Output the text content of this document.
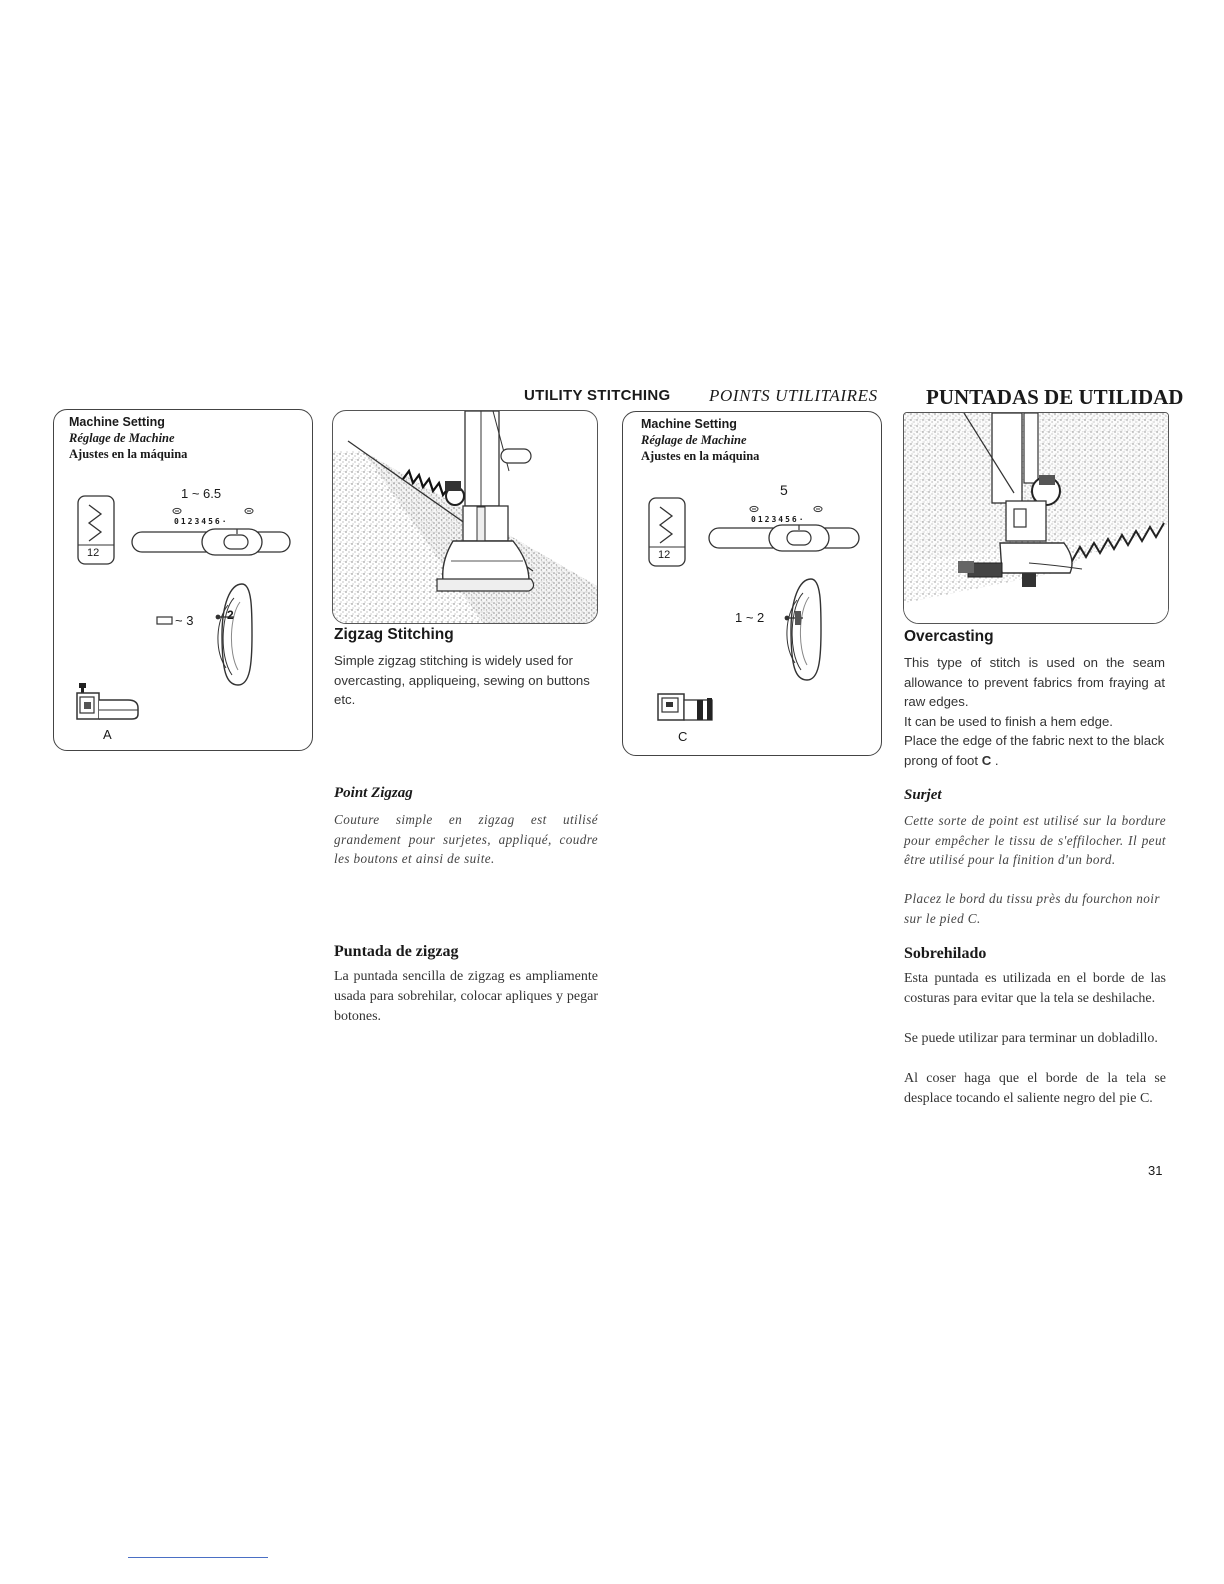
UTILITY STITCHING POINTS UTILITAIRES PUNTADAS DE UTILIDAD
Machine Setting
Réglage de Machine
Ajustes en la máquina
12
1 ~ 6.5
0123456·
~ 3	2
A
Zigzag Stitching
Simple zigzag stitching is widely used for overcasting, appliqueing, sewing on buttons etc.
Point Zigzag
Couture simple en zigzag est utilisé grandement pour surjetes, appliqué, coudre les boutons et ainsi de suite.
Puntada de zigzag
La puntada sencilla de zigzag es ampliamente usada para sobrehilar, colocar apliques y pegar botones.
Machine Setting
Réglage de Machine
Ajustes en la máquina
12
5
0123456·
1 ~ 2
C
Overcasting
This type of stitch is used on the seam allowance to prevent fabrics from fraying at raw edges.
It can be used to finish a hem edge.
Place the edge of the fabric next to the black prong of foot C .
Surjet
Cette sorte de point est utilisé sur la bordure pour empêcher le tissu de s'effilocher. Il peut être utilisé pour la finition d'un bord.
Placez le bord du tissu près du fourchon noir sur le pied C.
Sobrehilado
Esta puntada es utilizada en el borde de las costuras para evitar que la tela se deshilache.
Se puede utilizar para terminar un dobladillo.
Al coser haga que el borde de la tela se desplace tocando el saliente negro del pie C.
31
